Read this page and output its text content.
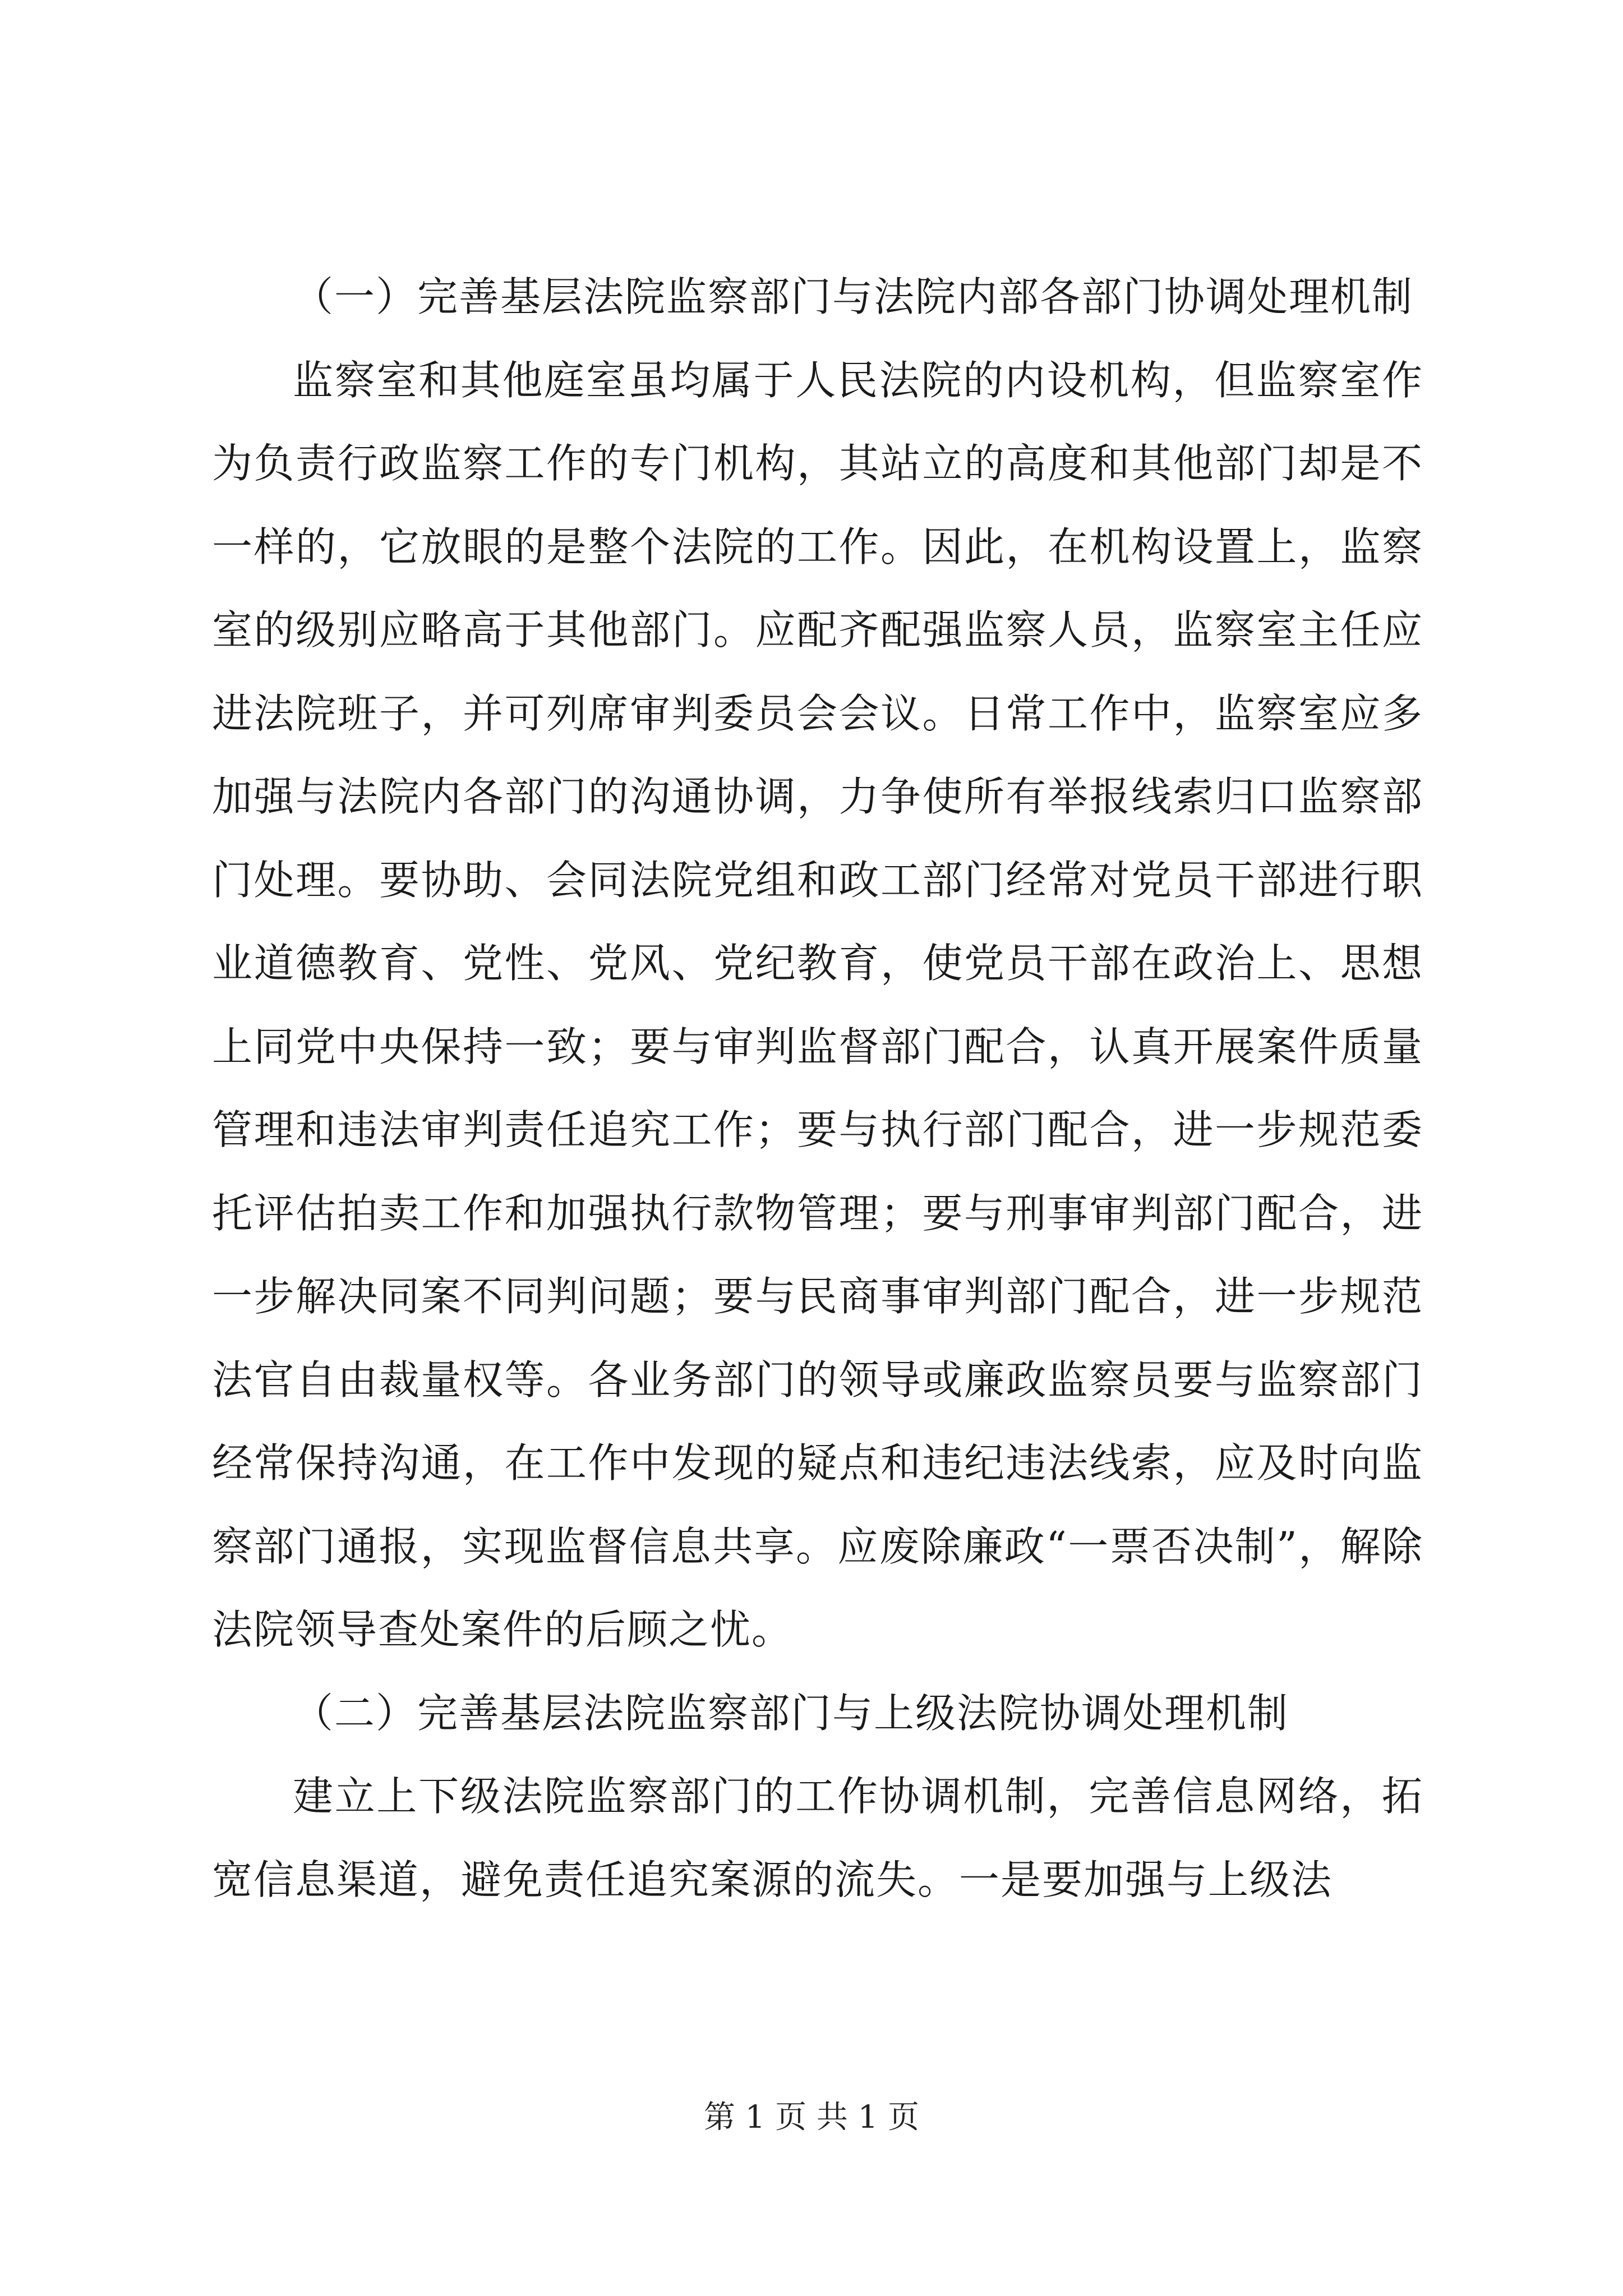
（一）完善基层法院监察部门与法院内部各部门协调处理机制

监察室和其他庭室虽均属于人民法院的内设机构，但监察室作为负责行政监察工作的专门机构，其站立的高度和其他部门却是不一样的，它放眼的是整个法院的工作。因此，在机构设置上，监察室的级别应略高于其他部门。应配齐配强监察人员，监察室主任应进法院班子，并可列席审判委员会会议。日常工作中，监察室应多加强与法院内各部门的沟通协调，力争使所有举报线索归口监察部门处理。要协助、会同法院党组和政工部门经常对党员干部进行职业道德教育、党性、党风、党纪教育，使党员干部在政治上、思想上同党中央保持一致；要与审判监督部门配合，认真开展案件质量管理和违法审判责任追究工作；要与执行部门配合，进一步规范委托评估拍卖工作和加强执行款物管理；要与刑事审判部门配合，进一步解决同案不同判问题；要与民商事审判部门配合，进一步规范法官自由裁量权等。各业务部门的领导或廉政监察员要与监察部门经常保持沟通，在工作中发现的疑点和违纪违法线索，应及时向监察部门通报，实现监督信息共享。应废除廉政“一票否决制”，解除法院领导查处案件的后顾之忧。

（二）完善基层法院监察部门与上级法院协调处理机制

建立上下级法院监察部门的工作协调机制，完善信息网络，拓宽信息渠道，避免责任追究案源的流失。一是要加强与上级法

第 1 页 共 1 页
